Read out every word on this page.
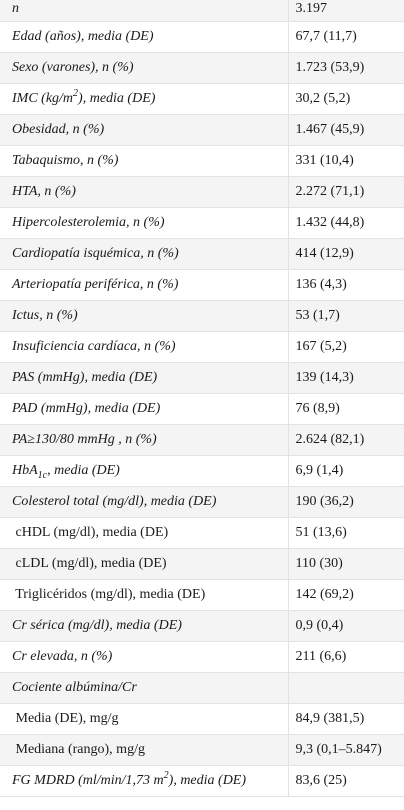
n	3.197
Edad (años), media (DE)	67,7 (11,7)
Sexo (varones), n (%)	1.723 (53,9)
IMC $(kg/m^2)$, media (DE)	30,2 (5,2)
Obesidad, n (%)	1.467 (45,9)
Tabaquismo, n (%)	331 (10,4)
HTA, n (%)	2.272 (71,1)
Hipercolesterolemia, n (%)	1.432 (44,8)
Cardiopatía isquémica, n (%)	414 (12,9)
Arteriopatía periférica, n (%)	136 (4,3)
Ictus, n (%)	53 (1,7)
Insuficiencia cardíaca, n (%)	167 (5,2)
PAS (mmHg), media (DE)	139 (14,3)
PAD (mmHg), media (DE)	76 (8,9)
PA≥130/80 mmHg , n (%)	2.624 (82,1)
HbA$_{1c}$, media (DE)	6,9 (1,4)
Colesterol total (mg/dl), media (DE)	190 (36,2)
cHDL (mg/dl), media (DE)	51 (13,6)
cLDL (mg/dl), media (DE)	110 (30)
Triglicéridos (mg/dl), media (DE)	142 (69,2)
Cr sérica (mg/dl), media (DE)	0,9 (0,4)
Cr elevada, n (%)	211 (6,6)
Cociente albúmina/Cr	
Media (DE), mg/g	84,9 (381,5)
Mediana (rango), mg/g	9,3 (0,1–5.847)
FG MDRD (ml/min/1,73 $m^2$), media (DE)	83,6 (25)
